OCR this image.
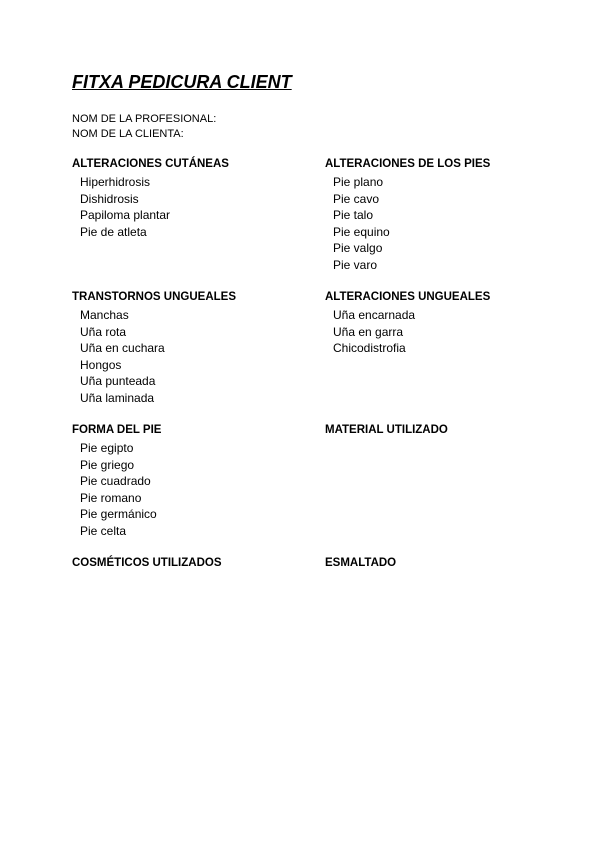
FITXA PEDICURA CLIENT
NOM DE LA PROFESIONAL:
NOM DE LA CLIENTA:
ALTERACIONES CUTÁNEAS
Hiperhidrosis
Dishidrosis
Papiloma plantar
Pie de atleta
ALTERACIONES DE LOS PIES
Pie plano
Pie cavo
Pie talo
Pie equino
Pie valgo
Pie varo
TRANSTORNOS UNGUEALES
Manchas
Uña rota
Uña en cuchara
Hongos
Uña punteada
Uña laminada
ALTERACIONES UNGUEALES
Uña encarnada
Uña en garra
Chicodistrofia
FORMA DEL PIE
Pie egipto
Pie griego
Pie cuadrado
Pie romano
Pie germánico
Pie celta
MATERIAL UTILIZADO
COSMÉTICOS UTILIZADOS	ESMALTADO
